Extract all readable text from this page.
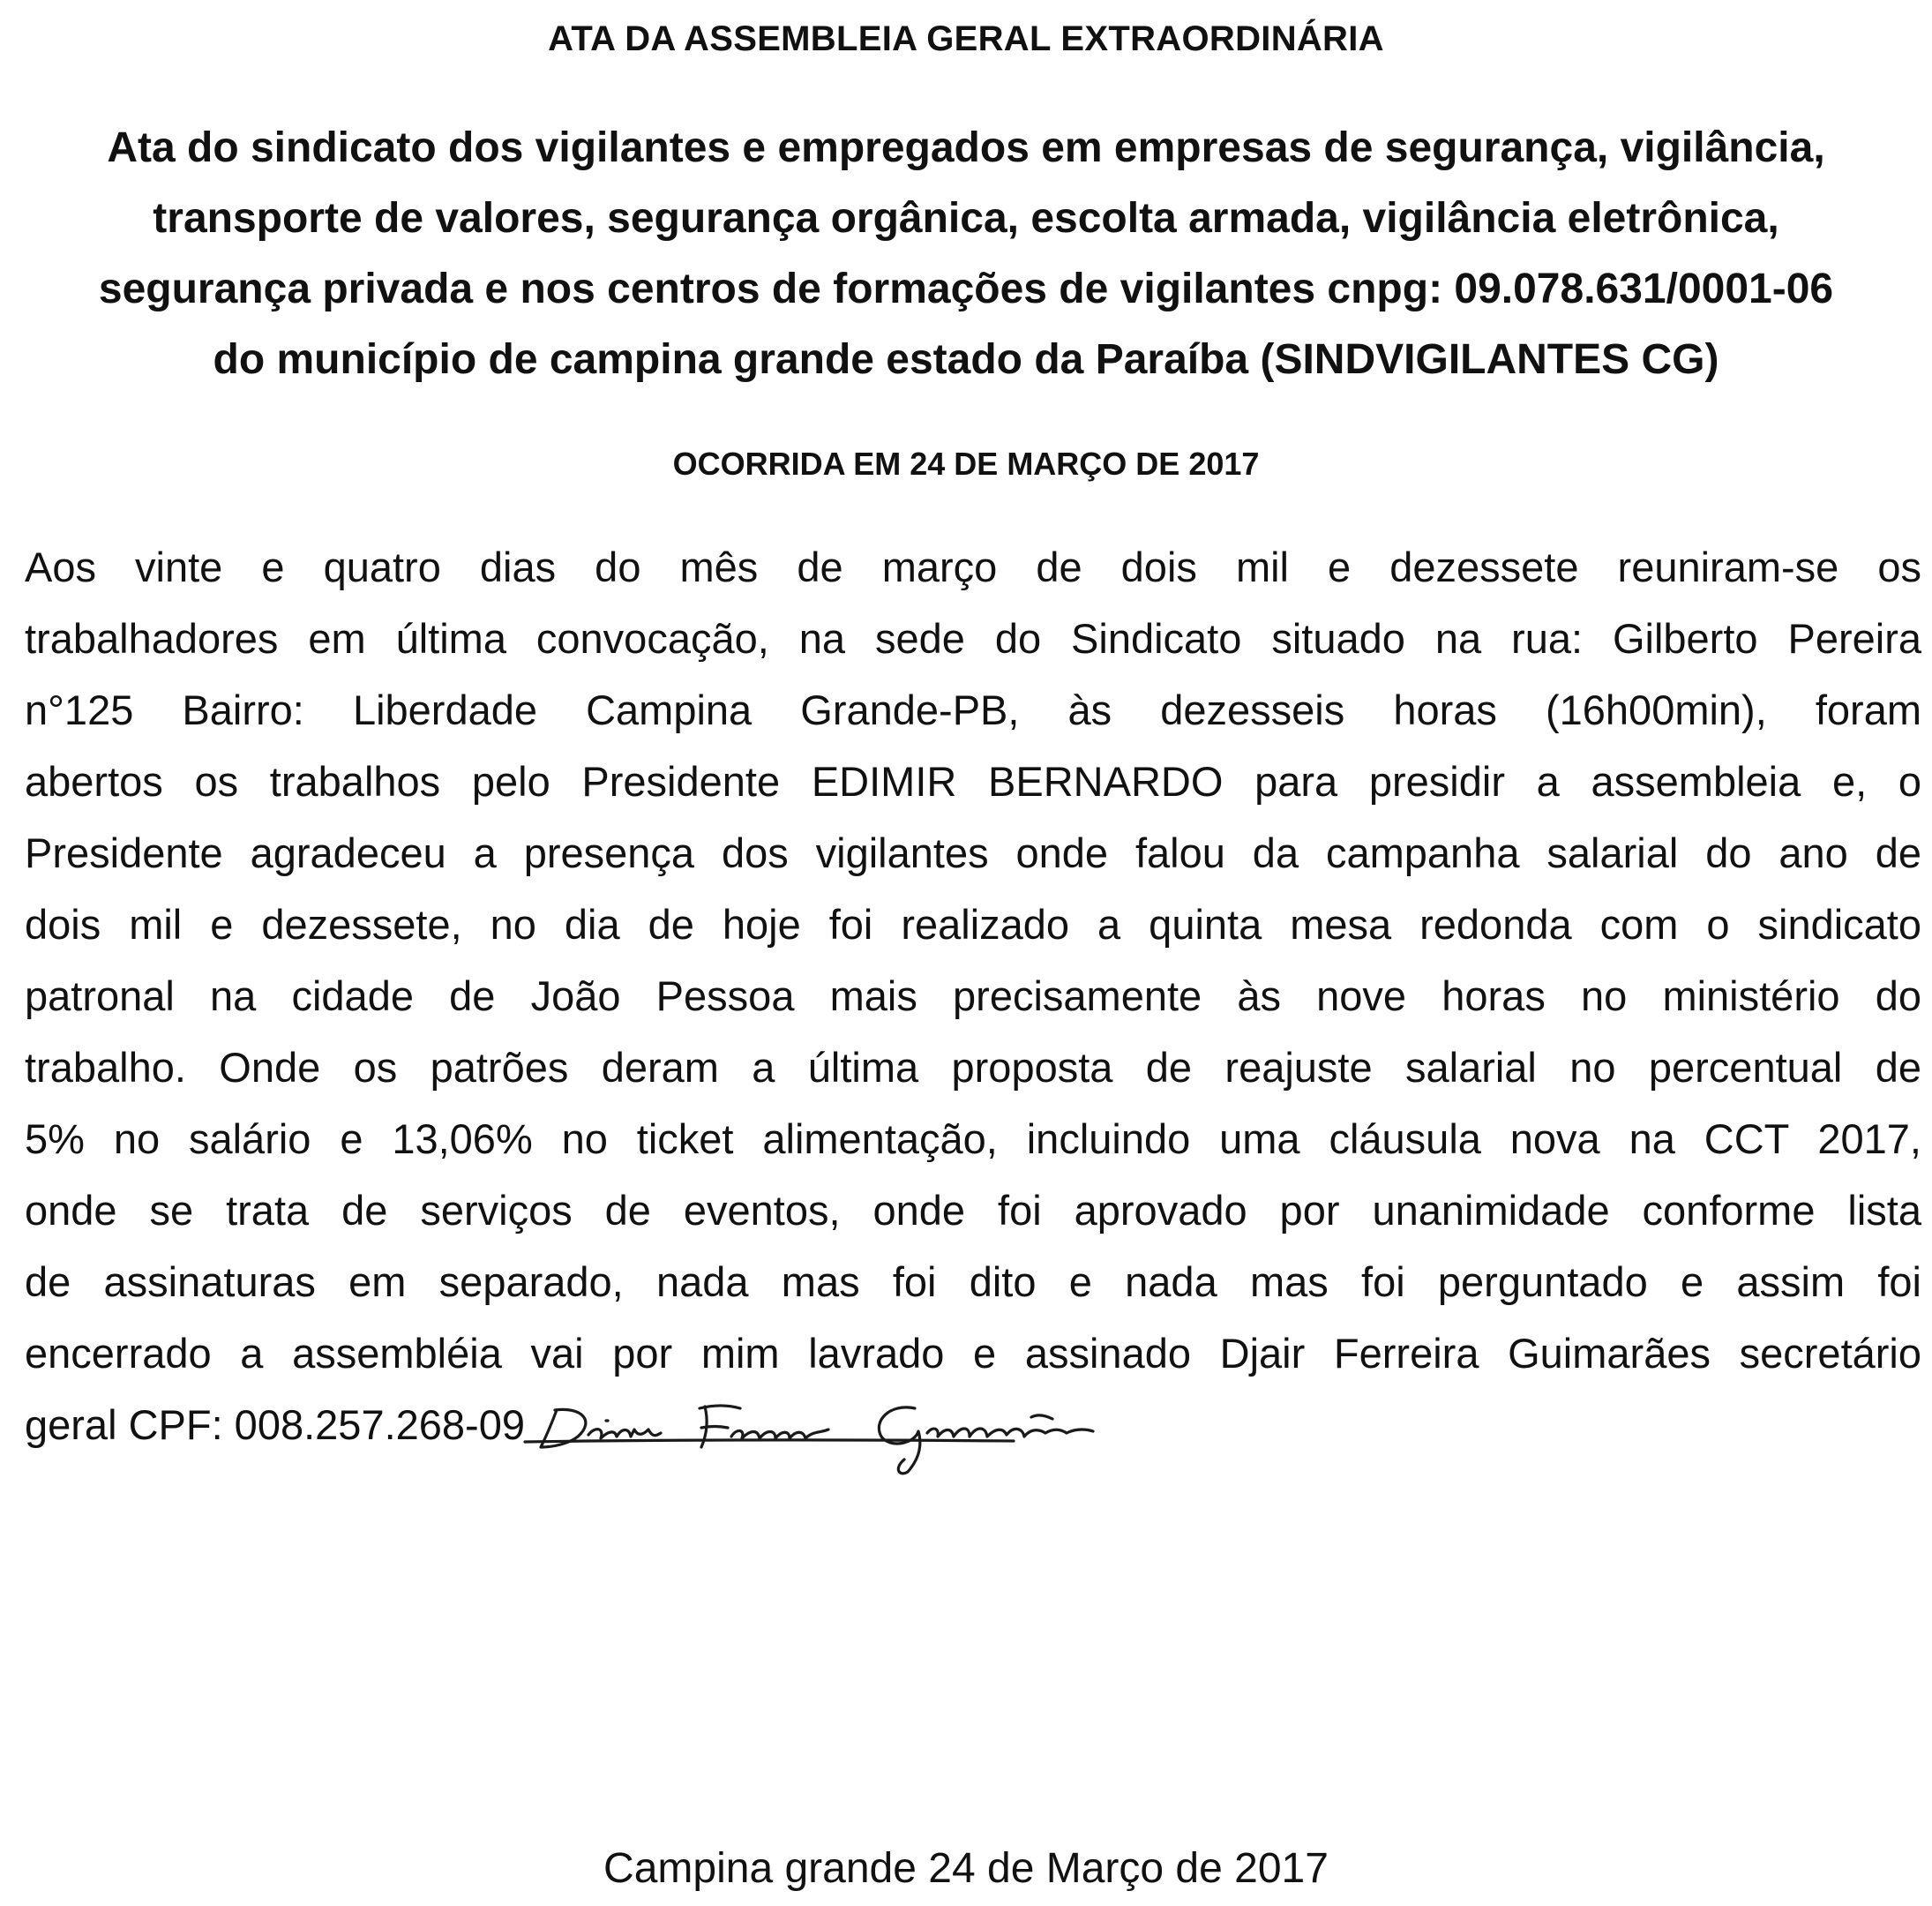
ATA DA ASSEMBLEIA GERAL EXTRAORDINÁRIA
Ata do sindicato dos vigilantes e empregados em empresas de segurança, vigilância,
transporte de valores, segurança orgânica, escolta armada, vigilância eletrônica,
segurança privada e nos centros de formações de vigilantes cnpg: 09.078.631/0001-06
do município de campina grande estado da Paraíba (SINDVIGILANTES CG)
OCORRIDA EM 24 DE MARÇO DE 2017
Aos vinte e quatro dias do mês de março de dois mil e dezessete reuniram-se os
trabalhadores em última convocação, na sede do Sindicato situado na rua: Gilberto Pereira
n°125 Bairro: Liberdade Campina Grande-PB, às dezesseis horas (16h00min), foram
abertos os trabalhos pelo Presidente EDIMIR BERNARDO para presidir a assembleia e, o
Presidente agradeceu a presença dos vigilantes onde falou da campanha salarial do ano de
dois mil e dezessete, no dia de hoje foi realizado a quinta mesa redonda com o sindicato
patronal na cidade de João Pessoa mais precisamente às nove horas no ministério do
trabalho. Onde os patrões deram a última proposta de reajuste salarial no percentual de
5% no salário e 13,06% no ticket alimentação, incluindo uma cláusula nova na CCT 2017,
onde se trata de serviços de eventos, onde foi aprovado por unanimidade conforme lista
de assinaturas em separado, nada mas foi dito e nada mas foi perguntado e assim foi
encerrado a assembléia vai por mim lavrado e assinado Djair Ferreira Guimarães secretário
geral CPF: 008.257.268-09
Campina grande 24 de Março de 2017
